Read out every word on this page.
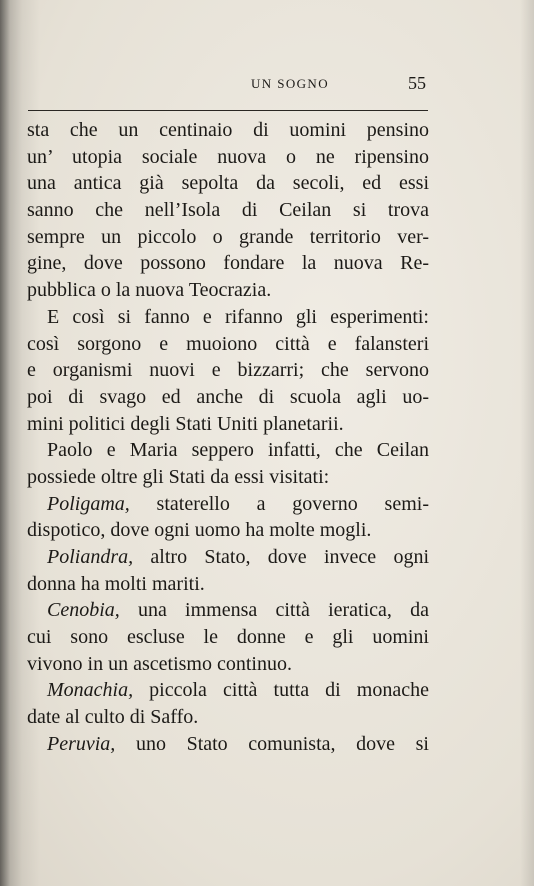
UN SOGNO	55
sta che un centinaio di uomini pensino
un’ utopia sociale nuova o ne ripensino
una antica già sepolta da secoli, ed essi
sanno che nell’Isola di Ceilan si trova
sempre un piccolo o grande territorio ver-
gine, dove possono fondare la nuova Re-
pubblica o la nuova Teocrazia.
E così si fanno e rifanno gli esperimenti:
così sorgono e muoiono città e falansteri
e organismi nuovi e bizzarri; che servono
poi di svago ed anche di scuola agli uo-
mini politici degli Stati Uniti planetarii.
Paolo e Maria seppero infatti, che Ceilan
possiede oltre gli Stati da essi visitati:
Poligama, staterello a governo semi-
dispotico, dove ogni uomo ha molte mogli.
Poliandra, altro Stato, dove invece ogni
donna ha molti mariti.
Cenobia, una immensa città ieratica, da
cui sono escluse le donne e gli uomini
vivono in un ascetismo continuo.
Monachia, piccola città tutta di monache
date al culto di Saffo.
Peruvia, uno Stato comunista, dove si
